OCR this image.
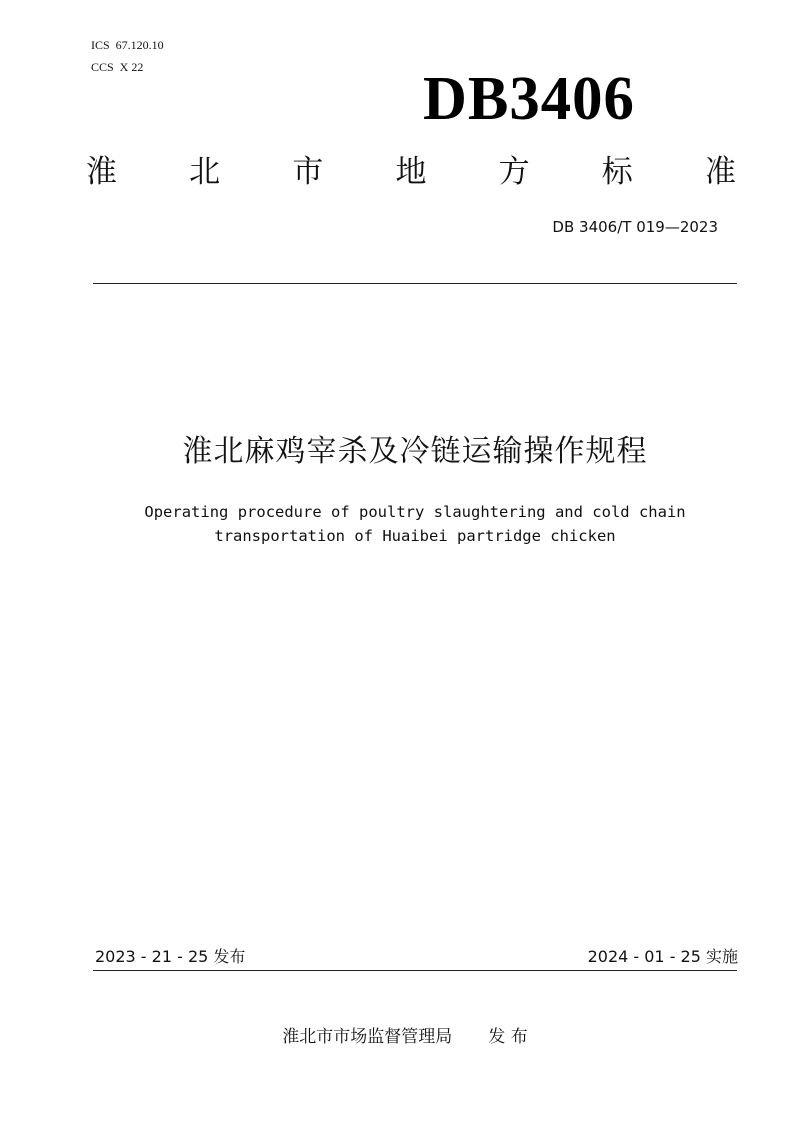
ICS  67.120.10
CCS  X 22	DB3406
淮 北 市 地 方 标 准
DB 3406/T 019—2023
淮北麻鸡宰杀及冷链运输操作规程
Operating procedure of poultry slaughtering and cold chain
transportation of Huaibei partridge chicken
2023 - 21 - 25 发布	2024 - 01 - 25 实施
淮北市市场监督管理局 发 布
